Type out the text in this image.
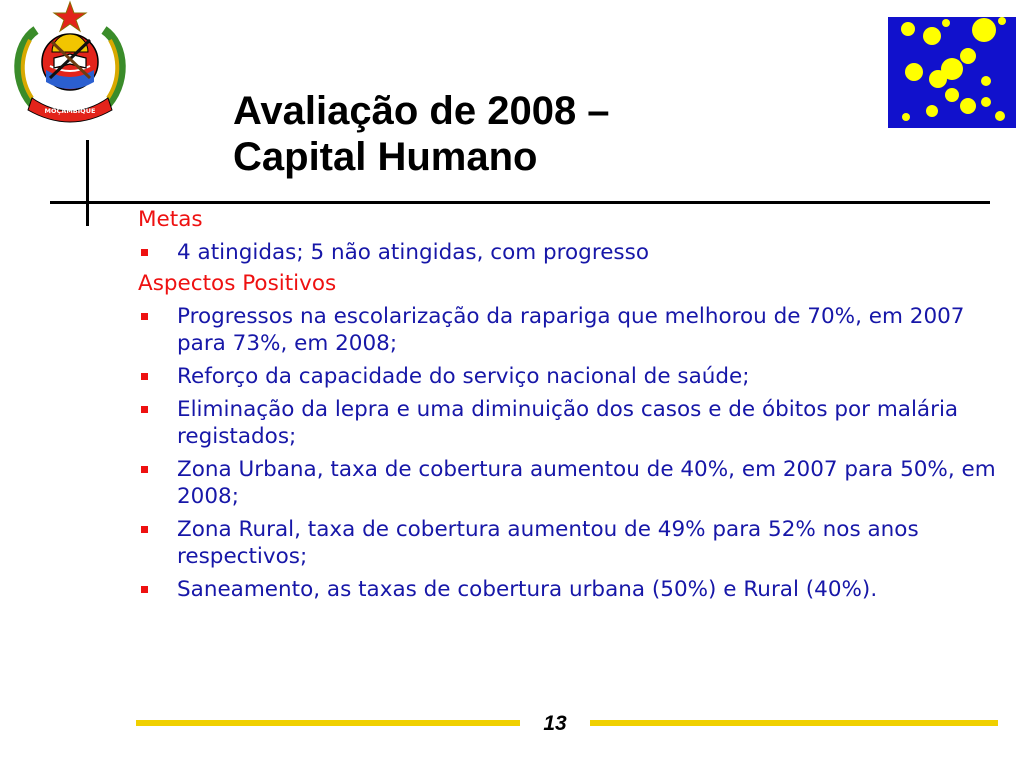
MOÇAMBIQUE
REPÚBLICA DE	Avaliação de 2008 –
Capital Humano
Metas
4 atingidas; 5 não atingidas, com progresso
Aspectos Positivos
Progressos na escolarização da rapariga que melhorou de 70%, em 2007 para 73%, em 2008;
Reforço da capacidade do serviço nacional de saúde;
Eliminação da lepra e uma diminuição dos casos e de óbitos por malária registados;
Zona Urbana, taxa de cobertura aumentou de 40%, em 2007 para 50%, em 2008;
Zona Rural, taxa de cobertura aumentou de 49% para 52% nos anos respectivos;
Saneamento, as taxas de cobertura urbana (50%) e Rural (40%).
13
